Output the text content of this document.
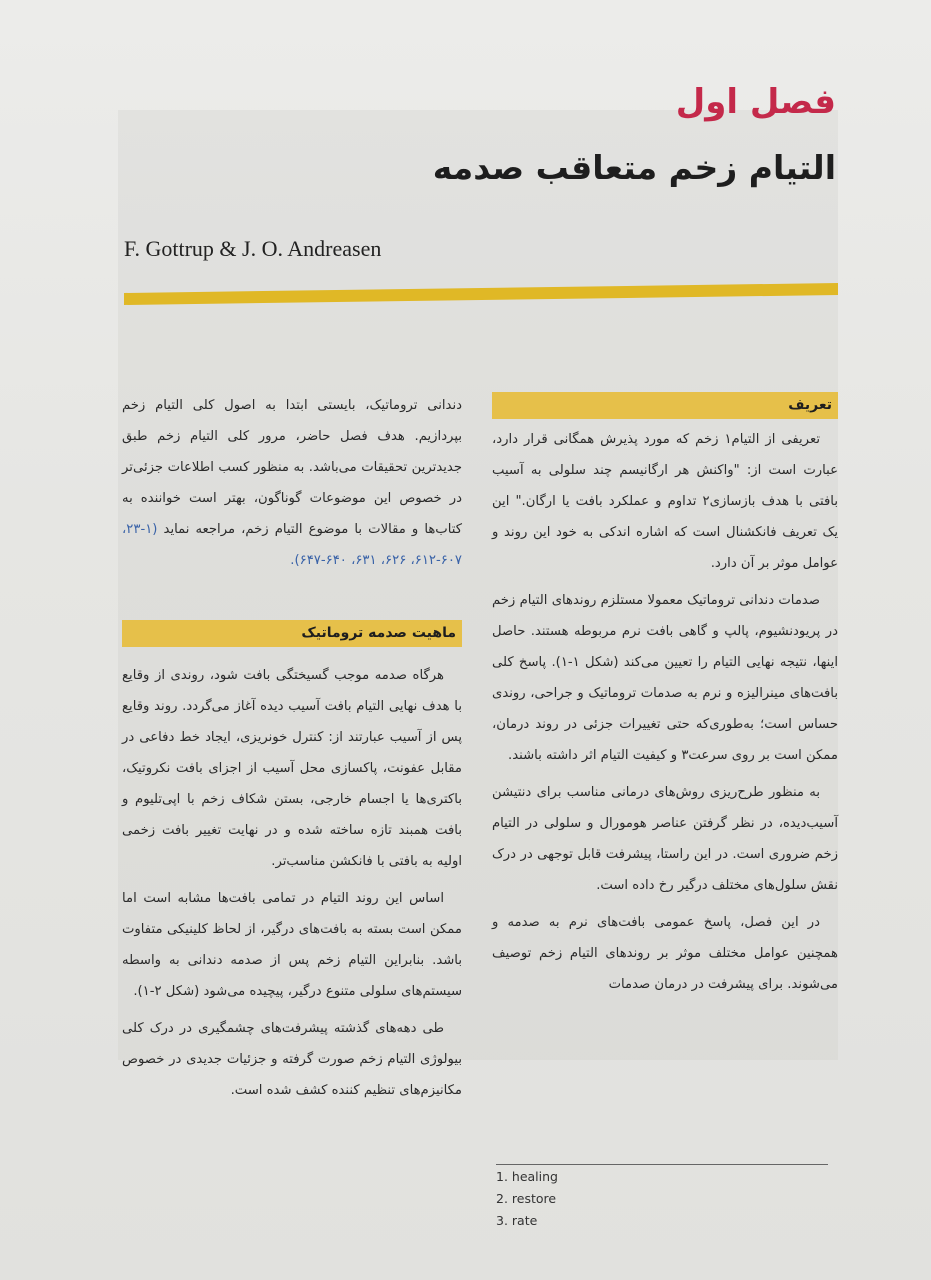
فصل اول
التیام زخم متعاقب صدمه
F. Gottrup & J. O. Andreasen
تعریف

تعریفی از التیام۱ زخم که مورد پذیرش همگانی قرار دارد، عبارت است از: "واکنش هر ارگانیسم چند سلولی به آسیب بافتی با هدف بازسازی۲ تداوم و عملکرد بافت یا ارگان." این یک تعریف فانکشنال است که اشاره اندکی به خود این روند و عوامل موثر بر آن دارد.

صدمات دندانی تروماتیک معمولا مستلزم روندهای التیام زخم در پریودنشیوم، پالپ و گاهی بافت نرم مربوطه هستند. حاصل اینها، نتیجه نهایی التیام را تعیین می‌کند (شکل ۱-۱). پاسخ کلی بافت‌های مینرالیزه و نرم به صدمات تروماتیک و جراحی، روندی حساس است؛ به‌طوری‌که حتی تغییرات جزئی در روند درمان، ممکن است بر روی سرعت۳ و کیفیت التیام اثر داشته باشند.

به منظور طرح‌ریزی روش‌های درمانی مناسب برای دنتیشن آسیب‌دیده، در نظر گرفتن عناصر هومورال و سلولی در التیام زخم ضروری است. در این راستا، پیشرفت قابل توجهی در درک نقش سلول‌های مختلف درگیر رخ داده است.

در این فصل، پاسخ عمومی بافت‌های نرم به صدمه و همچنین عوامل مختلف موثر بر روندهای التیام زخم توصیف می‌شوند. برای پیشرفت در درمان صدمات

دندانی تروماتیک، بایستی ابتدا به اصول کلی التیام زخم بپردازیم. هدف فصل حاضر، مرور کلی التیام زخم طبق جدیدترین تحقیقات می‌باشد. به منظور کسب اطلاعات جزئی‌تر در خصوص این موضوعات گوناگون، بهتر است خواننده به کتاب‌ها و مقالات با موضوع التیام زخم، مراجعه نماید (۱-۲۳، ۶۰۷-۶۱۲، ۶۲۶، ۶۳۱، ۶۴۰-۶۴۷).

ماهیت صدمه تروماتیک

هرگاه صدمه موجب گسیختگی بافت شود، روندی از وقایع با هدف نهایی التیام بافت آسیب دیده آغاز می‌گردد. روند وقایع پس از آسیب عبارتند از: کنترل خونریزی، ایجاد خط دفاعی در مقابل عفونت، پاکسازی محل آسیب از اجزای بافت نکروتیک، باکتری‌ها یا اجسام خارجی، بستن شکاف زخم با اپی‌تلیوم و بافت همبند تازه ساخته شده و در نهایت تغییر بافت زخمی اولیه به بافتی با فانکشن مناسب‌تر.

اساس این روند التیام در تمامی بافت‌ها مشابه است اما ممکن است بسته به بافت‌های درگیر، از لحاظ کلینیکی متفاوت باشد. بنابراین التیام زخم پس از صدمه دندانی به واسطه سیستم‌های سلولی متنوع درگیر، پیچیده می‌شود (شکل ۲-۱).

طی دهه‌های گذشته پیشرفت‌های چشمگیری در درک کلی بیولوژی التیام زخم صورت گرفته و جزئیات جدیدی در خصوص مکانیزم‌های تنظیم کننده کشف شده است.

1. healing
2. restore
3. rate
